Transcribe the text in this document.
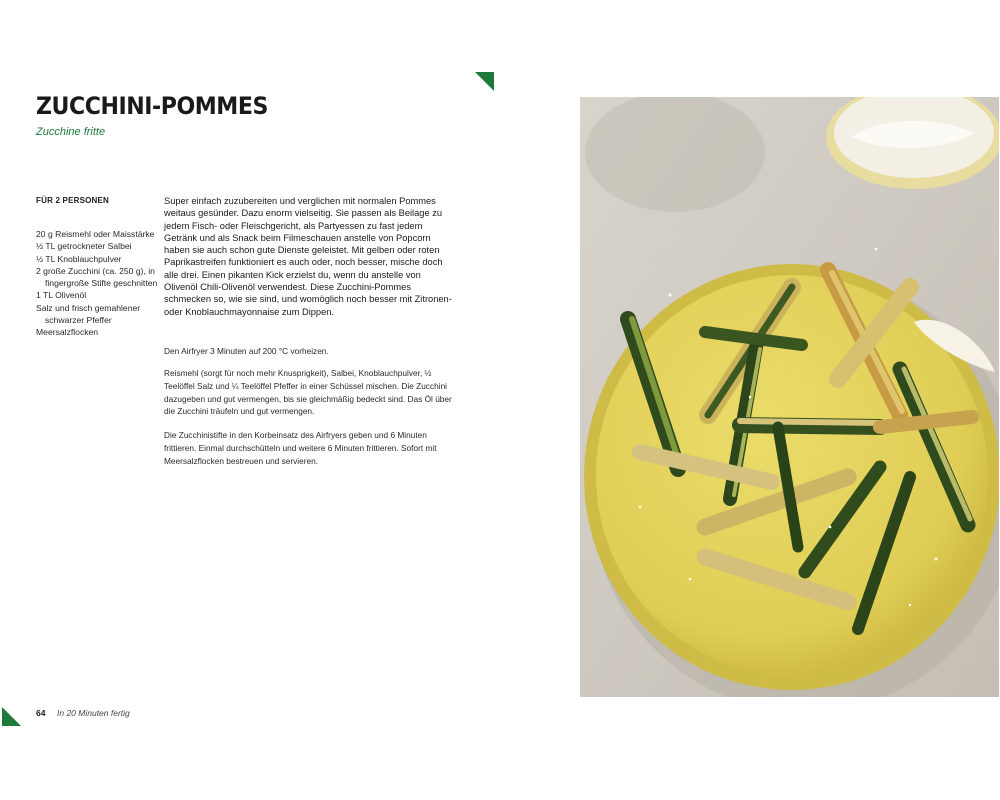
ZUCCHINI-POMMES

Zucchine fritte

FÜR 2 PERSONEN
20 g Reismehl oder Maisstärke
½ TL getrockneter Salbei
½ TL Knoblauchpulver
2 große Zucchini (ca. 250 g), in fingergroße Stifte geschnitten
1 TL Olivenöl
Salz und frisch gemahlener schwarzer Pfeffer
Meersalzflocken

Super einfach zuzubereiten und verglichen mit normalen Pommes weitaus gesünder. Dazu enorm vielseitig. Sie passen als Beilage zu jedem Fisch- oder Fleischgericht, als Partyessen zu fast jedem Getränk und als Snack beim Filmeschauen anstelle von Popcorn haben sie auch schon gute Dienste geleistet. Mit gelben oder roten Paprikastreifen funktioniert es auch oder, noch besser, mische doch alle drei. Einen pikanten Kick erzielst du, wenn du anstelle von Olivenöl Chili-Olivenöl verwendest. Diese Zucchini-Pommes schmecken so, wie sie sind, und womöglich noch besser mit Zitronen- oder Knoblauchmayonnaise zum Dippen.

Den Airfryer 3 Minuten auf 200 °C vorheizen.

Reismehl (sorgt für noch mehr Knusprigkeit), Salbei, Knoblauchpulver, ½ Teelöffel Salz und ¼ Teelöffel Pfeffer in einer Schüssel mischen. Die Zucchini dazugeben und gut vermengen, bis sie gleichmäßig bedeckt sind. Das Öl über die Zucchini träufeln und gut vermengen.

Die Zucchinistifte in den Korbeinsatz des Airfryers geben und 6 Minuten frittieren. Einmal durchschütteln und weitere 6 Minuten frittieren. Sofort mit Meersalzflocken bestreuen und servieren.

64 In 20 Minuten fertig
